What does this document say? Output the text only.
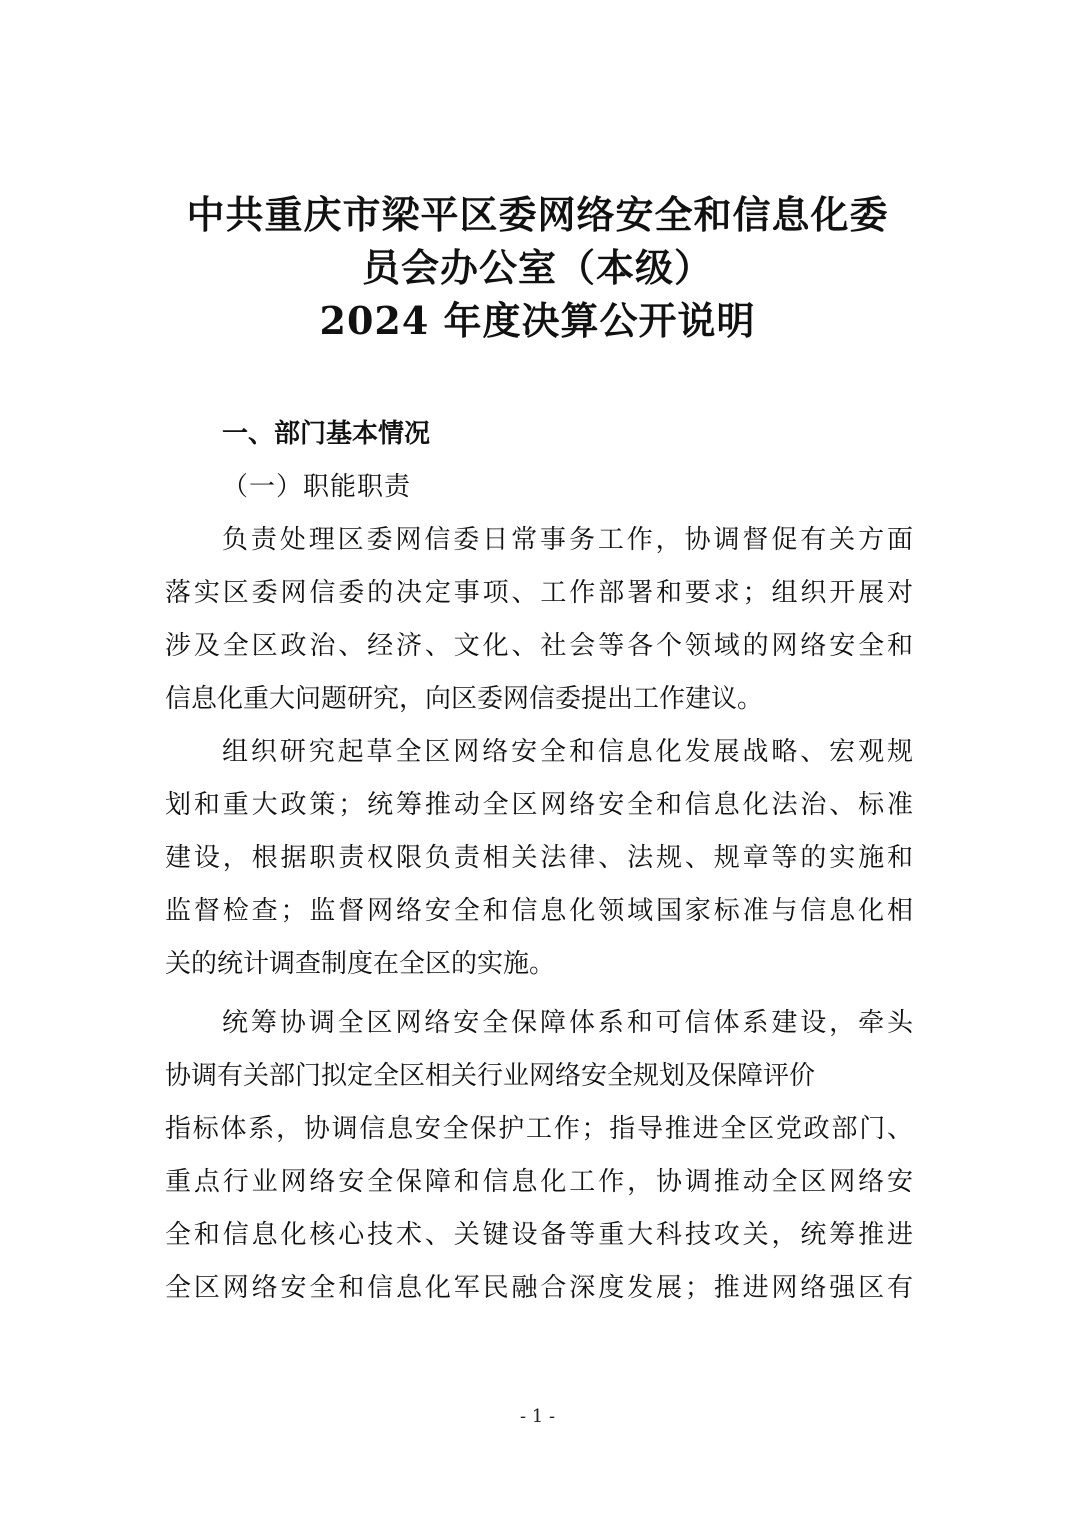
中共重庆市梁平区委网络安全和信息化委
员会办公室（本级）
2024 年度决算公开说明
一、部门基本情况
（一）职能职责
负责处理区委网信委日常事务工作，协调督促有关方面
落实区委网信委的决定事项、工作部署和要求；组织开展对
涉及全区政治、经济、文化、社会等各个领域的网络安全和
信息化重大问题研究，向区委网信委提出工作建议。
组织研究起草全区网络安全和信息化发展战略、宏观规
划和重大政策；统筹推动全区网络安全和信息化法治、标准
建设，根据职责权限负责相关法律、法规、规章等的实施和
监督检查；监督网络安全和信息化领域国家标准与信息化相
关的统计调查制度在全区的实施。
统筹协调全区网络安全保障体系和可信体系建设，牵头
协调有关部门拟定全区相关行业网络安全规划及保障评价
指标体系，协调信息安全保护工作；指导推进全区党政部门、
重点行业网络安全保障和信息化工作，协调推动全区网络安
全和信息化核心技术、关键设备等重大科技攻关，统筹推进
全区网络安全和信息化军民融合深度发展；推进网络强区有
- 1 -
